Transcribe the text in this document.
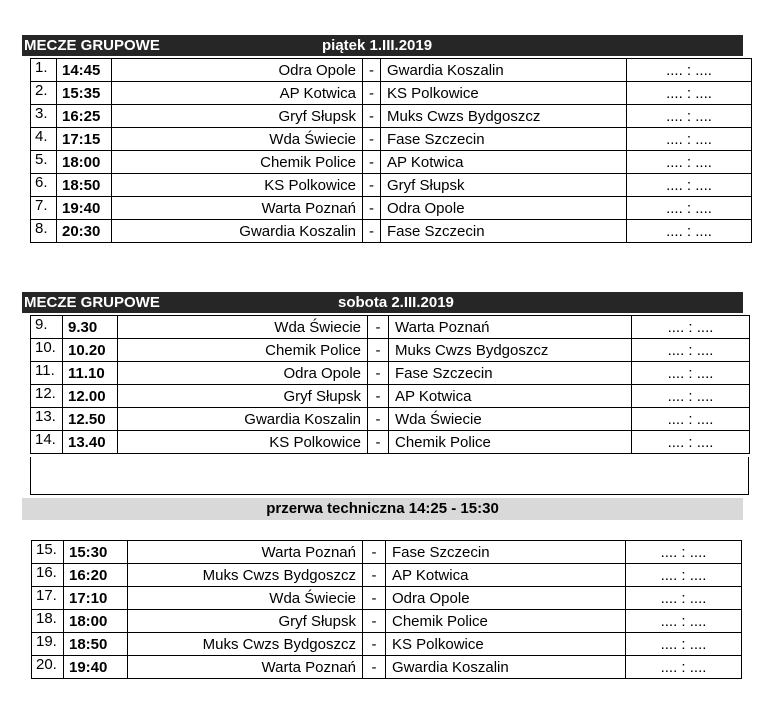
MECZE GRUPOWE	piątek 1.III.2019
1.	14:45	Odra Opole	-	Gwardia Koszalin	.... : ....
2.	15:35	AP Kotwica	-	KS Polkowice	.... : ....
3.	16:25	Gryf Słupsk	-	Muks Cwzs Bydgoszcz	.... : ....
4.	17:15	Wda Świecie	-	Fase Szczecin	.... : ....
5.	18:00	Chemik Police	-	AP Kotwica	.... : ....
6.	18:50	KS Polkowice	-	Gryf Słupsk	.... : ....
7.	19:40	Warta Poznań	-	Odra Opole	.... : ....
8.	20:30	Gwardia Koszalin	-	Fase Szczecin	.... : ....
MECZE GRUPOWE	sobota 2.III.2019
9.	9.30	Wda Świecie	-	Warta Poznań	.... : ....
10.	10.20	Chemik Police	-	Muks Cwzs Bydgoszcz	.... : ....
11.	11.10	Odra Opole	-	Fase Szczecin	.... : ....
12.	12.00	Gryf Słupsk	-	AP Kotwica	.... : ....
13.	12.50	Gwardia Koszalin	-	Wda Świecie	.... : ....
14.	13.40	KS Polkowice	-	Chemik Police	.... : ....
przerwa techniczna 14:25 - 15:30
15.	15:30	Warta Poznań	-	Fase Szczecin	.... : ....
16.	16:20	Muks Cwzs Bydgoszcz	-	AP Kotwica	.... : ....
17.	17:10	Wda Świecie	-	Odra Opole	.... : ....
18.	18:00	Gryf Słupsk	-	Chemik Police	.... : ....
19.	18:50	Muks Cwzs Bydgoszcz	-	KS Polkowice	.... : ....
20.	19:40	Warta Poznań	-	Gwardia Koszalin	.... : ....
